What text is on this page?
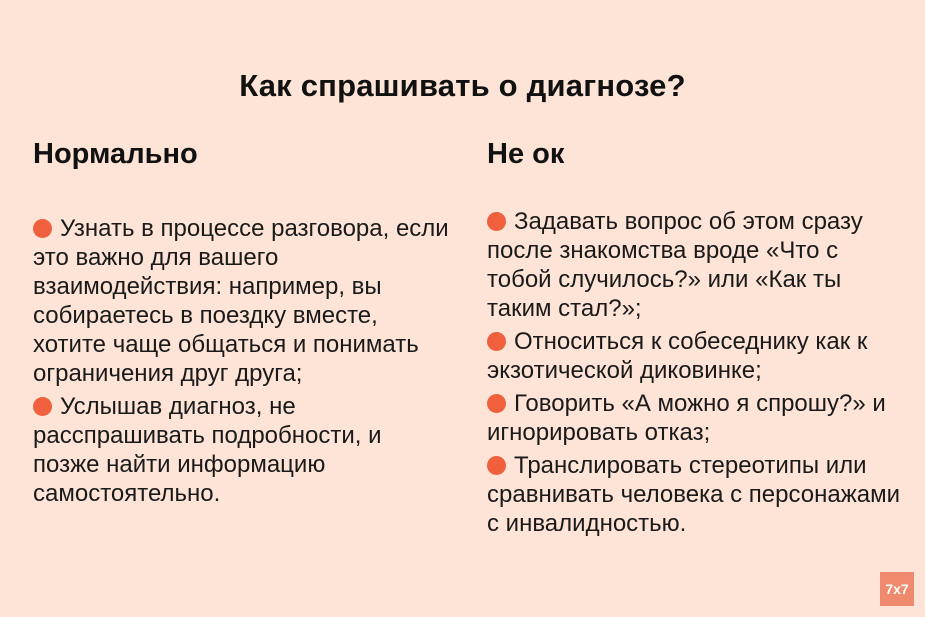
Как спрашивать о диагнозе?
Нормально
Узнать в процессе разговора, если это важно для вашего взаимодействия: например, вы собираетесь в поездку вместе, хотите чаще общаться и понимать ограничения друг друга;
Услышав диагноз, не расспрашивать подробности, и позже найти информацию самостоятельно.
Не ок
Задавать вопрос об этом сразу после знакомства вроде «Что с тобой случилось?» или «Как ты таким стал?»;
Относиться к собеседнику как к экзотической диковинке;
Говорить «А можно я спрошу?» и игнорировать отказ;
Транслировать стереотипы или сравнивать человека с персонажами с инвалидностью.
7x7
